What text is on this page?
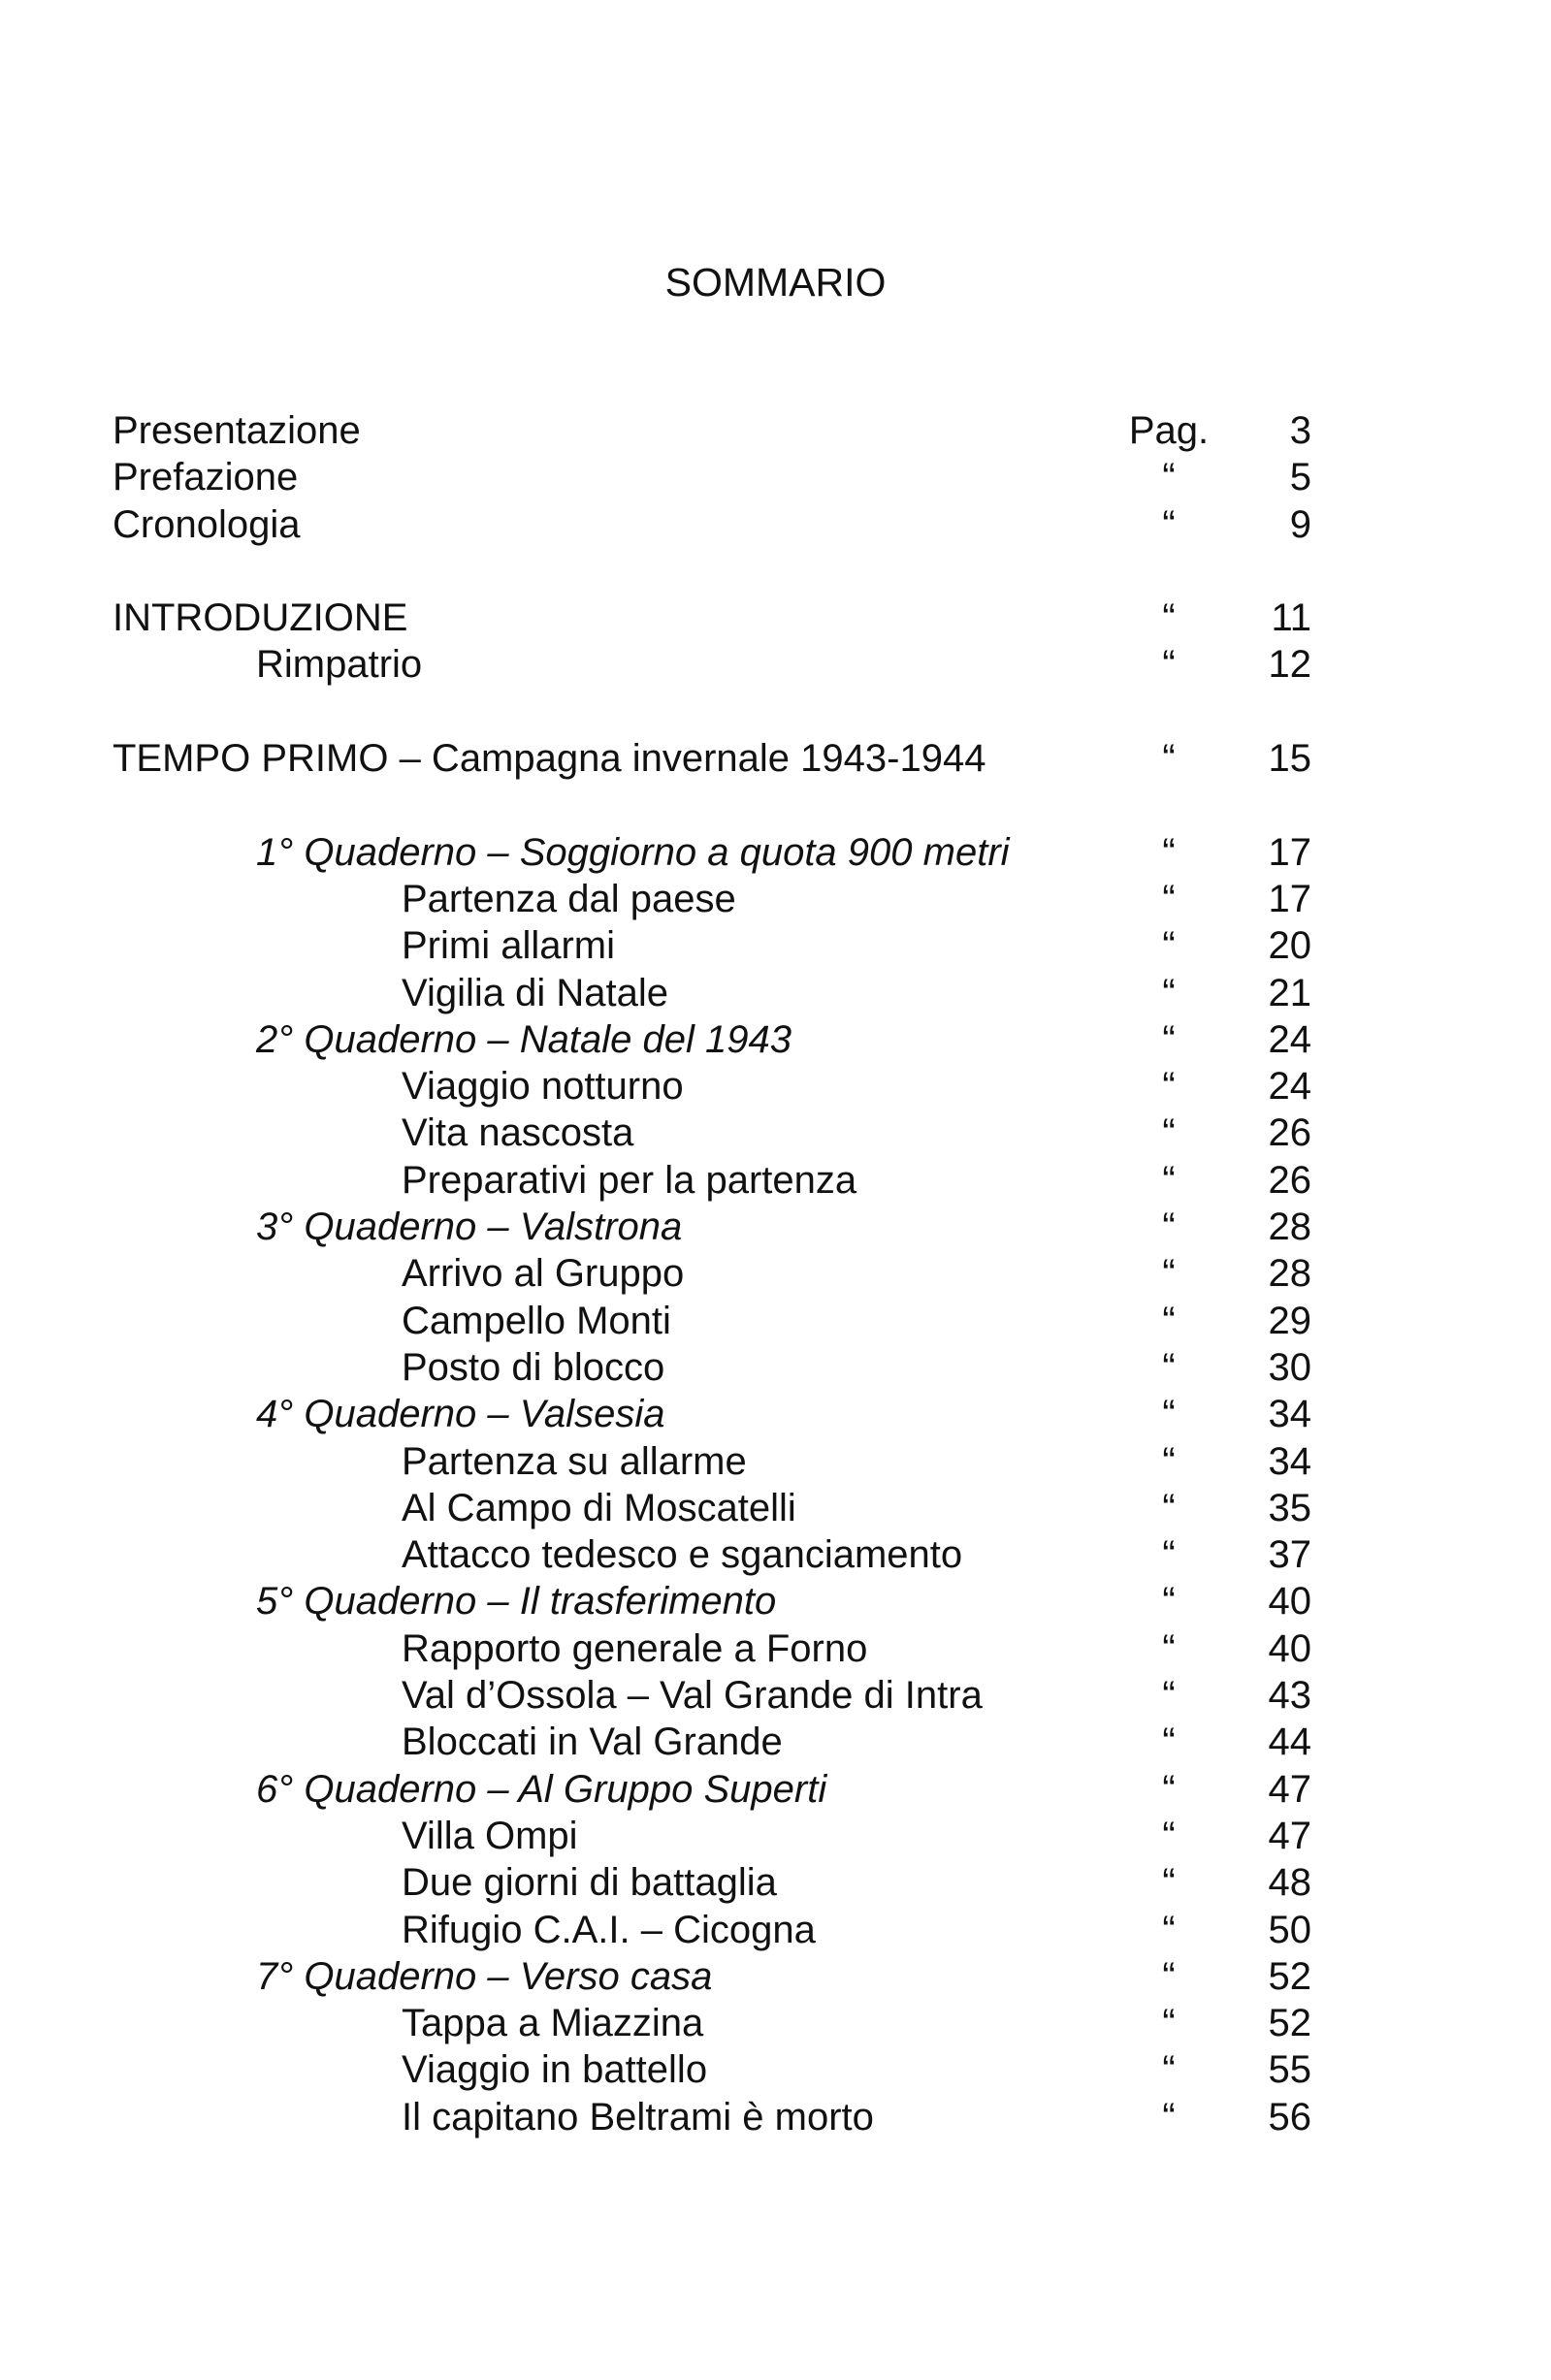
SOMMARIO
Presentazione	Pag.	3
Prefazione	“	5
Cronologia	“	9
INTRODUZIONE	“	11
Rimpatrio	“	12
TEMPO PRIMO – Campagna invernale 1943-1944	“	15
1° Quaderno – Soggiorno a quota 900 metri	“	17
Partenza dal paese	“	17
Primi allarmi	“	20
Vigilia di Natale	“	21
2° Quaderno – Natale del 1943	“	24
Viaggio notturno	“	24
Vita nascosta	“	26
Preparativi per la partenza	“	26
3° Quaderno – Valstrona	“	28
Arrivo al Gruppo	“	28
Campello Monti	“	29
Posto di blocco	“	30
4° Quaderno – Valsesia	“	34
Partenza su allarme	“	34
Al Campo di Moscatelli	“	35
Attacco tedesco e sganciamento	“	37
5° Quaderno – Il trasferimento	“	40
Rapporto generale a Forno	“	40
Val d’Ossola – Val Grande di Intra	“	43
Bloccati in Val Grande	“	44
6° Quaderno – Al Gruppo Superti	“	47
Villa Ompi	“	47
Due giorni di battaglia	“	48
Rifugio C.A.I. – Cicogna	“	50
7° Quaderno – Verso casa	“	52
Tappa a Miazzina	“	52
Viaggio in battello	“	55
Il capitano Beltrami è morto	“	56
